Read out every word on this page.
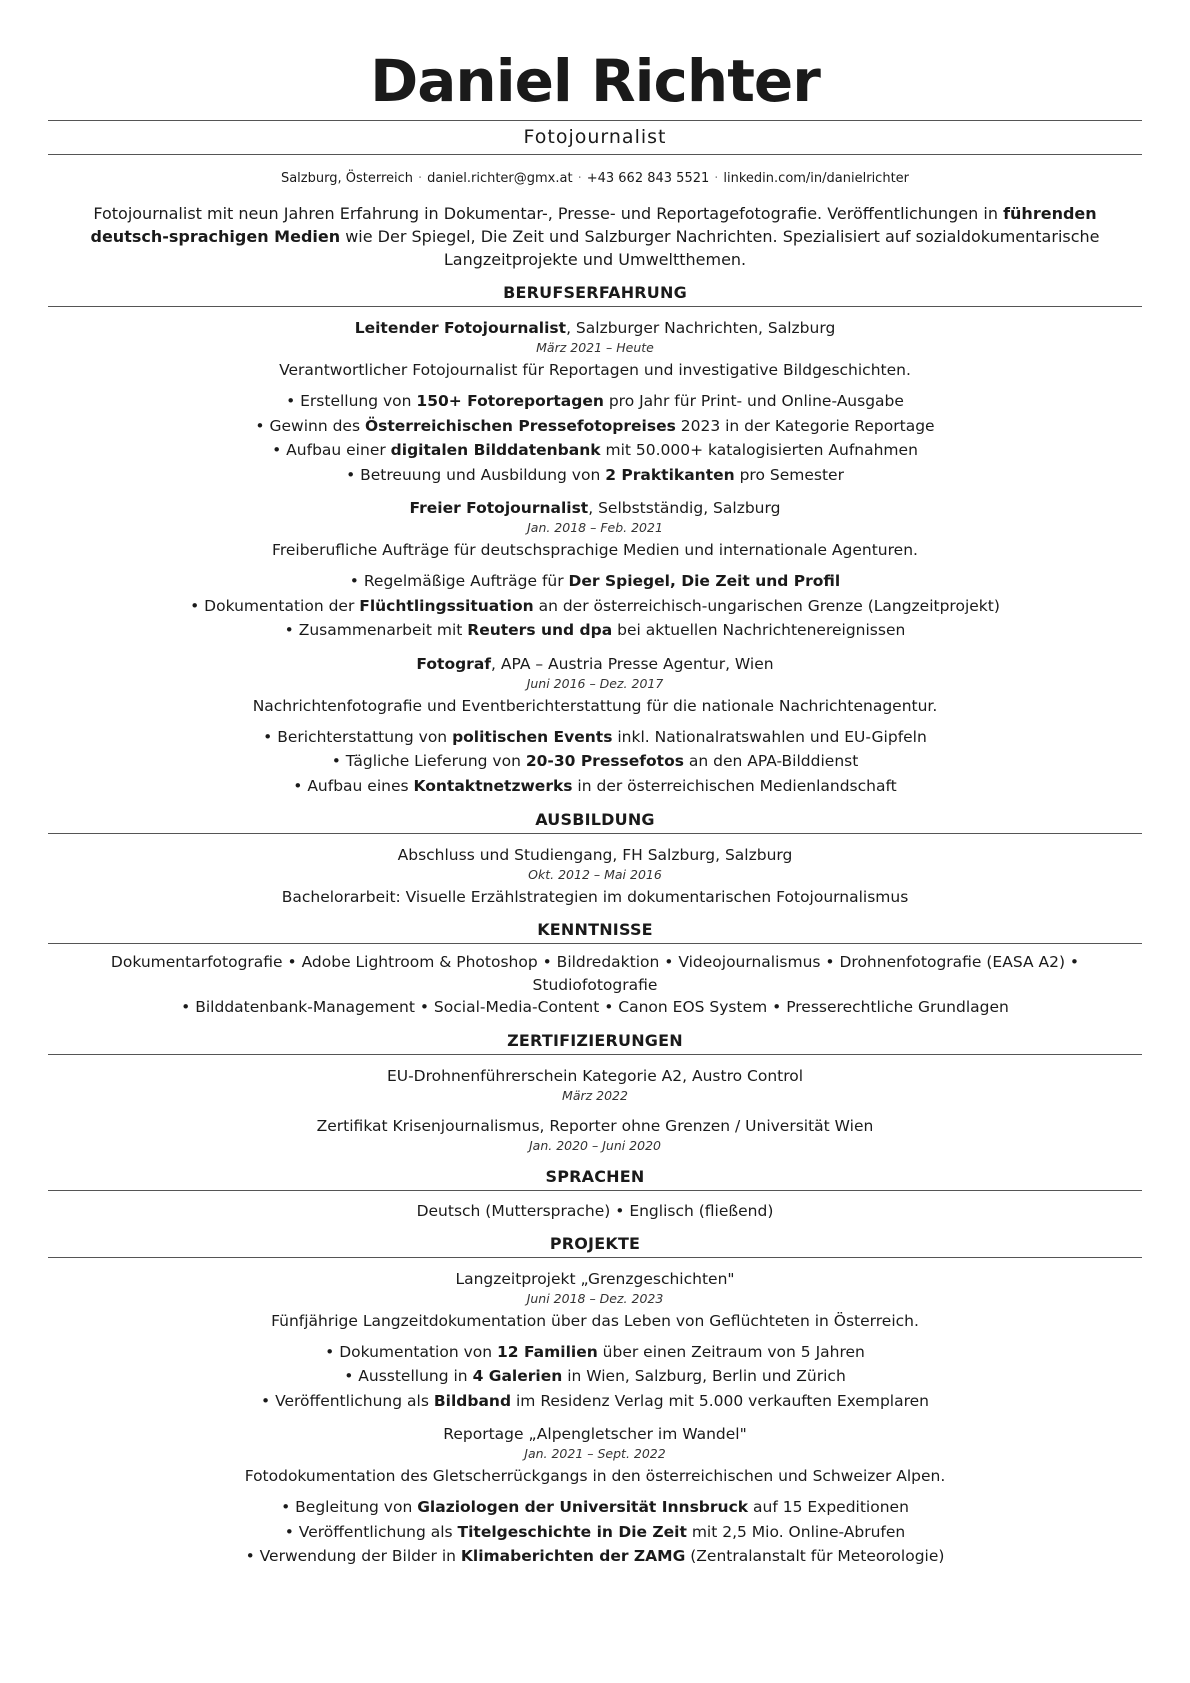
Daniel Richter
Fotojournalist
Salzburg, Österreich · daniel.richter@gmx.at · +43 662 843 5521 · linkedin.com/in/danielrichter
Fotojournalist mit neun Jahren Erfahrung in Dokumentar-, Presse- und Reportagefotografie. Veröffentlichungen in führenden deutsch-sprachigen Medien wie Der Spiegel, Die Zeit und Salzburger Nachrichten. Spezialisiert auf sozialdokumentarische Langzeitprojekte und Umweltthemen.
BERUFSERFAHRUNG
Leitender Fotojournalist, Salzburger Nachrichten, Salzburg
März 2021 – Heute
Verantwortlicher Fotojournalist für Reportagen und investigative Bildgeschichten.
• Erstellung von 150+ Fotoreportagen pro Jahr für Print- und Online-Ausgabe
• Gewinn des Österreichischen Pressefotopreises 2023 in der Kategorie Reportage
• Aufbau einer digitalen Bilddatenbank mit 50.000+ katalogisierten Aufnahmen
• Betreuung und Ausbildung von 2 Praktikanten pro Semester
Freier Fotojournalist, Selbstständig, Salzburg
Jan. 2018 – Feb. 2021
Freiberufliche Aufträge für deutschsprachige Medien und internationale Agenturen.
• Regelmäßige Aufträge für Der Spiegel, Die Zeit und Profil
• Dokumentation der Flüchtlingssituation an der österreichisch-ungarischen Grenze (Langzeitprojekt)
• Zusammenarbeit mit Reuters und dpa bei aktuellen Nachrichtenereignissen
Fotograf, APA – Austria Presse Agentur, Wien
Juni 2016 – Dez. 2017
Nachrichtenfotografie und Eventberichterstattung für die nationale Nachrichtenagentur.
• Berichterstattung von politischen Events inkl. Nationalratswahlen und EU-Gipfeln
• Tägliche Lieferung von 20-30 Pressefotos an den APA-Bilddienst
• Aufbau eines Kontaktnetzwerks in der österreichischen Medienlandschaft
AUSBILDUNG
Abschluss und Studiengang, FH Salzburg, Salzburg
Okt. 2012 – Mai 2016
Bachelorarbeit: Visuelle Erzählstrategien im dokumentarischen Fotojournalismus
KENNTNISSE
Dokumentarfotografie • Adobe Lightroom & Photoshop • Bildredaktion • Videojournalismus • Drohnenfotografie (EASA A2) • Studiofotografie
• Bilddatenbank-Management • Social-Media-Content • Canon EOS System • Presserechtliche Grundlagen
ZERTIFIZIERUNGEN
EU-Drohnenführerschein Kategorie A2, Austro Control
März 2022
Zertifikat Krisenjournalismus, Reporter ohne Grenzen / Universität Wien
Jan. 2020 – Juni 2020
SPRACHEN
Deutsch (Muttersprache) • Englisch (fließend)
PROJEKTE
Langzeitprojekt „Grenzgeschichten"
Juni 2018 – Dez. 2023
Fünfjährige Langzeitdokumentation über das Leben von Geflüchteten in Österreich.
• Dokumentation von 12 Familien über einen Zeitraum von 5 Jahren
• Ausstellung in 4 Galerien in Wien, Salzburg, Berlin und Zürich
• Veröffentlichung als Bildband im Residenz Verlag mit 5.000 verkauften Exemplaren
Reportage „Alpengletscher im Wandel"
Jan. 2021 – Sept. 2022
Fotodokumentation des Gletscherrückgangs in den österreichischen und Schweizer Alpen.
• Begleitung von Glaziologen der Universität Innsbruck auf 15 Expeditionen
• Veröffentlichung als Titelgeschichte in Die Zeit mit 2,5 Mio. Online-Abrufen
• Verwendung der Bilder in Klimaberichten der ZAMG (Zentralanstalt für Meteorologie)
